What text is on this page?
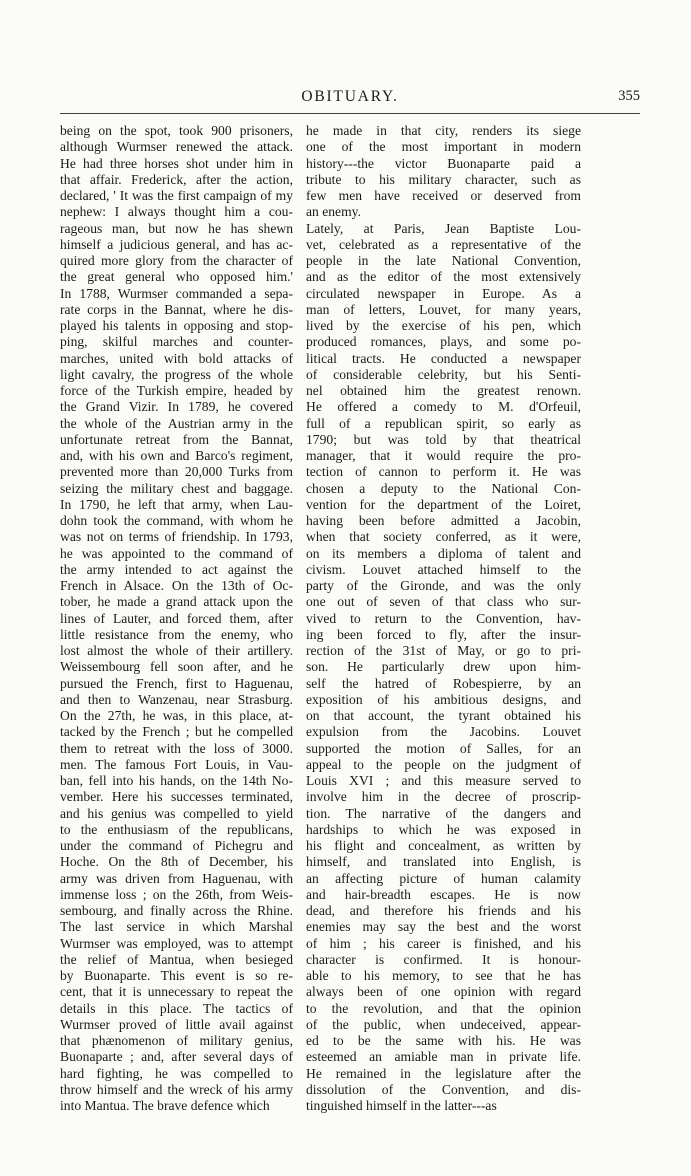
OBITUARY.	355
being on the spot, took 900 prisoners,
although Wurmser renewed the attack.
He had three horses shot under him in
that affair. Frederick, after the action,
declared, ' It was the first campaign of my
nephew: I always thought him a cou-
rageous man, but now he has shewn
himself a judicious general, and has ac-
quired more glory from the character of
the great general who opposed him.'
In 1788, Wurmser commanded a sepa-
rate corps in the Bannat, where he dis-
played his talents in opposing and stop-
ping, skilful marches and counter-
marches, united with bold attacks of
light cavalry, the progress of the whole
force of the Turkish empire, headed by
the Grand Vizir. In 1789, he covered
the whole of the Austrian army in the
unfortunate retreat from the Bannat,
and, with his own and Barco's regiment,
prevented more than 20,000 Turks from
seizing the military chest and baggage.
In 1790, he left that army, when Lau-
dohn took the command, with whom he
was not on terms of friendship. In 1793,
he was appointed to the command of
the army intended to act against the
French in Alsace. On the 13th of Oc-
tober, he made a grand attack upon the
lines of Lauter, and forced them, after
little resistance from the enemy, who
lost almost the whole of their artillery.
Weissembourg fell soon after, and he
pursued the French, first to Haguenau,
and then to Wanzenau, near Strasburg.
On the 27th, he was, in this place, at-
tacked by the French ; but he compelled
them to retreat with the loss of 3000.
men. The famous Fort Louis, in Vau-
ban, fell into his hands, on the 14th No-
vember. Here his successes terminated,
and his genius was compelled to yield
to the enthusiasm of the republicans,
under the command of Pichegru and
Hoche. On the 8th of December, his
army was driven from Haguenau, with
immense loss ; on the 26th, from Weis-
sembourg, and finally across the Rhine.
The last service in which Marshal
Wurmser was employed, was to attempt
the relief of Mantua, when besieged
by Buonaparte. This event is so re-
cent, that it is unnecessary to repeat the
details in this place. The tactics of
Wurmser proved of little avail against
that phænomenon of military genius,
Buonaparte ; and, after several days of
hard fighting, he was compelled to
throw himself and the wreck of his army
into Mantua. The brave defence which
he made in that city, renders its siege
one of the most important in modern
history---the victor Buonaparte paid a
tribute to his military character, such as
few men have received or deserved from
an enemy.
Lately, at Paris, Jean Baptiste Lou-
vet, celebrated as a representative of the
people in the late National Convention,
and as the editor of the most extensively
circulated newspaper in Europe. As a
man of letters, Louvet, for many years,
lived by the exercise of his pen, which
produced romances, plays, and some po-
litical tracts. He conducted a newspaper
of considerable celebrity, but his Senti-
nel obtained him the greatest renown.
He offered a comedy to M. d'Orfeuil,
full of a republican spirit, so early as
1790; but was told by that theatrical
manager, that it would require the pro-
tection of cannon to perform it. He was
chosen a deputy to the National Con-
vention for the department of the Loiret,
having been before admitted a Jacobin,
when that society conferred, as it were,
on its members a diploma of talent and
civism. Louvet attached himself to the
party of the Gironde, and was the only
one out of seven of that class who sur-
vived to return to the Convention, hav-
ing been forced to fly, after the insur-
rection of the 31st of May, or go to pri-
son. He particularly drew upon him-
self the hatred of Robespierre, by an
exposition of his ambitious designs, and
on that account, the tyrant obtained his
expulsion from the Jacobins. Louvet
supported the motion of Salles, for an
appeal to the people on the judgment of
Louis XVI ; and this measure served to
involve him in the decree of proscrip-
tion. The narrative of the dangers and
hardships to which he was exposed in
his flight and concealment, as written by
himself, and translated into English, is
an affecting picture of human calamity
and hair-breadth escapes. He is now
dead, and therefore his friends and his
enemies may say the best and the worst
of him ; his career is finished, and his
character is confirmed. It is honour-
able to his memory, to see that he has
always been of one opinion with regard
to the revolution, and that the opinion
of the public, when undeceived, appear-
ed to be the same with his. He was
esteemed an amiable man in private life.
He remained in the legislature after the
dissolution of the Convention, and dis-
tinguished himself in the latter---as
